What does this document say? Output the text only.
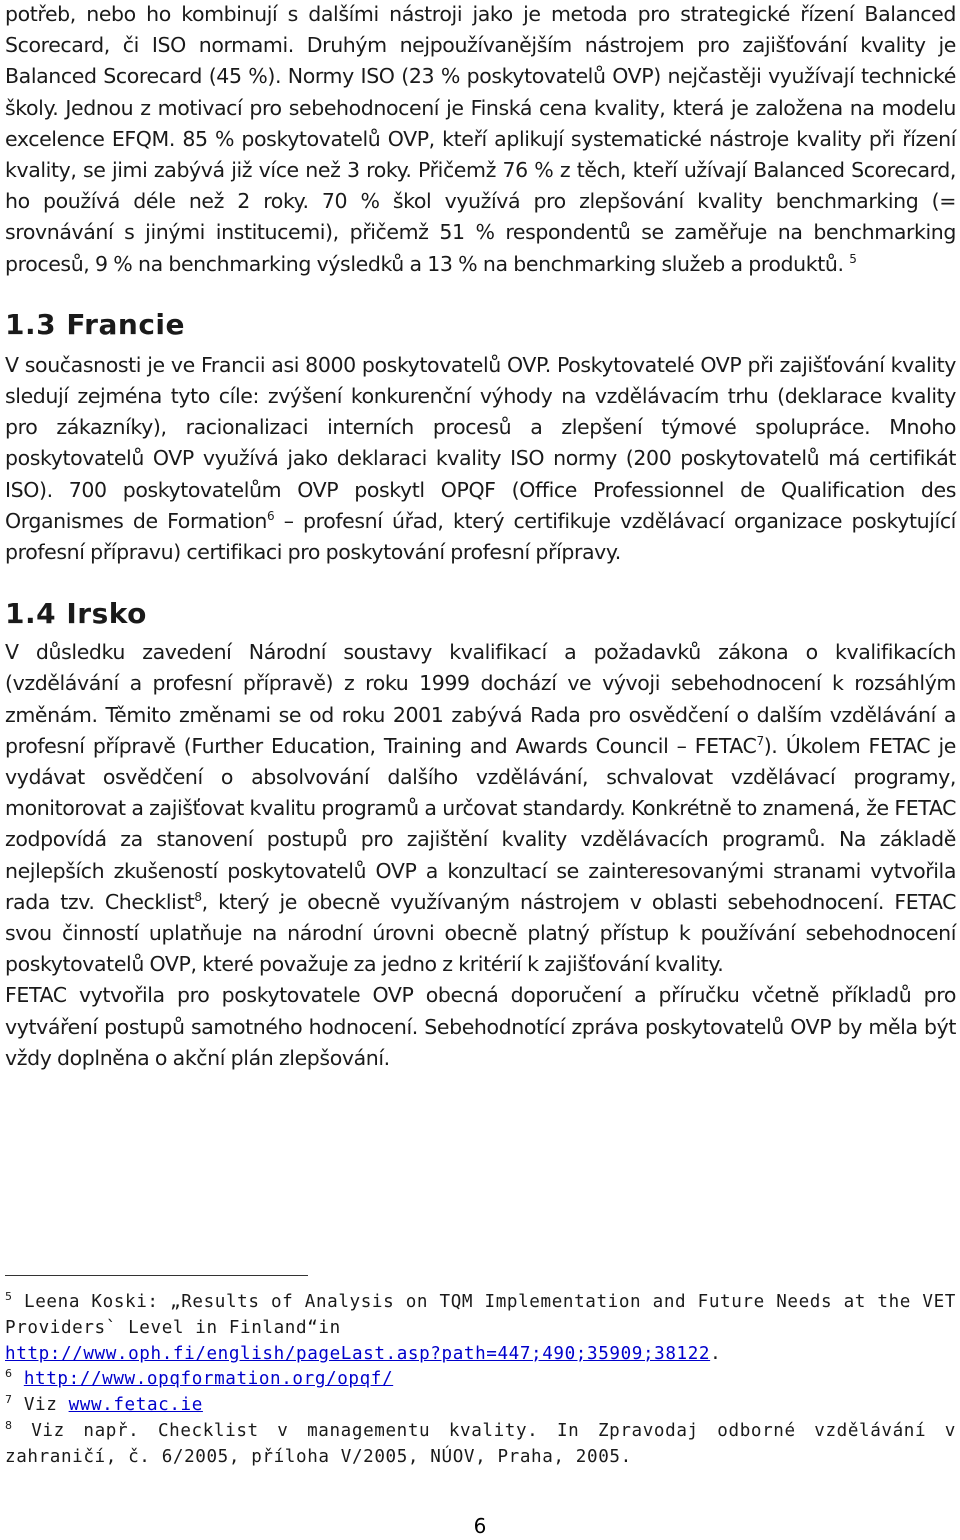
potřeb, nebo ho kombinují s dalšími nástroji jako je metoda pro strategické řízení Balanced Scorecard, či ISO normami. Druhým nejpoužívanějším nástrojem pro zajišťování kvality je Balanced Scorecard (45 %). Normy ISO (23 % poskytovatelů OVP) nejčastěji využívají technické školy. Jednou z motivací pro sebehodnocení je Finská cena kvality, která je založena na modelu excelence EFQM. 85 % poskytovatelů OVP, kteří aplikují systematické nástroje kvality při řízení kvality, se jimi zabývá již více než 3 roky. Přičemž 76 % z těch, kteří užívají Balanced Scorecard, ho používá déle než 2 roky. 70 % škol využívá pro zlepšování kvality benchmarking (= srovnávání s jinými institucemi), přičemž 51 % respondentů se zaměřuje na benchmarking procesů, 9 % na benchmarking výsledků a 13 % na benchmarking služeb a produktů. $^5$

1.3 Francie

V současnosti je ve Francii asi 8000 poskytovatelů OVP. Poskytovatelé OVP při zajišťování kvality sledují zejména tyto cíle: zvýšení konkurenční výhody na vzdělávacím trhu (deklarace kvality pro zákazníky), racionalizaci interních procesů a zlepšení týmové spolupráce. Mnoho poskytovatelů OVP využívá jako deklaraci kvality ISO normy (200 poskytovatelů má certifikát ISO). 700 poskytovatelům OVP poskytl OPQF (Office Professionnel de Qualification des Organismes de Formation$^6$ – profesní úřad, který certifikuje vzdělávací organizace poskytující profesní přípravu) certifikaci pro poskytování profesní přípravy.

1.4 Irsko

V důsledku zavedení Národní soustavy kvalifikací a požadavků zákona o kvalifikacích (vzdělávání a profesní přípravě) z roku 1999 dochází ve vývoji sebehodnocení k rozsáhlým změnám. Těmito změnami se od roku 2001 zabývá Rada pro osvědčení o dalším vzdělávání a profesní přípravě (Further Education, Training and Awards Council – FETAC$^7$). Úkolem FETAC je vydávat osvědčení o absolvování dalšího vzdělávání, schvalovat vzdělávací programy, monitorovat a zajišťovat kvalitu programů a určovat standardy. Konkrétně to znamená, že FETAC zodpovídá za stanovení postupů pro zajištění kvality vzdělávacích programů. Na základě nejlepších zkušeností poskytovatelů OVP a konzultací se zainteresovanými stranami vytvořila rada tzv. Checklist$^8$, který je obecně využívaným nástrojem v oblasti sebehodnocení. FETAC svou činností uplatňuje na národní úrovni obecně platný přístup k používání sebehodnocení poskytovatelů OVP, které považuje za jedno z kritérií k zajišťování kvality.

FETAC vytvořila pro poskytovatele OVP obecná doporučení a příručku včetně příkladů pro vytváření postupů samotného hodnocení. Sebehodnotící zpráva poskytovatelů OVP by měla být vždy doplněna o akční plán zlepšování.

$^5$ Leena Koski: „Results of Analysis on TQM Implementation and Future Needs at the VET Providers` Level in Finland“in
http://www.oph.fi/english/pageLast.asp?path=447;490;35909;38122.

$^6$ http://www.opqformation.org/opqf/

$^7$ Viz www.fetac.ie

$^8$ Viz např. Checklist v managementu kvality. In Zpravodaj odborné vzdělávání v zahraničí, č. 6/2005, příloha V/2005, NÚOV, Praha, 2005.

6
